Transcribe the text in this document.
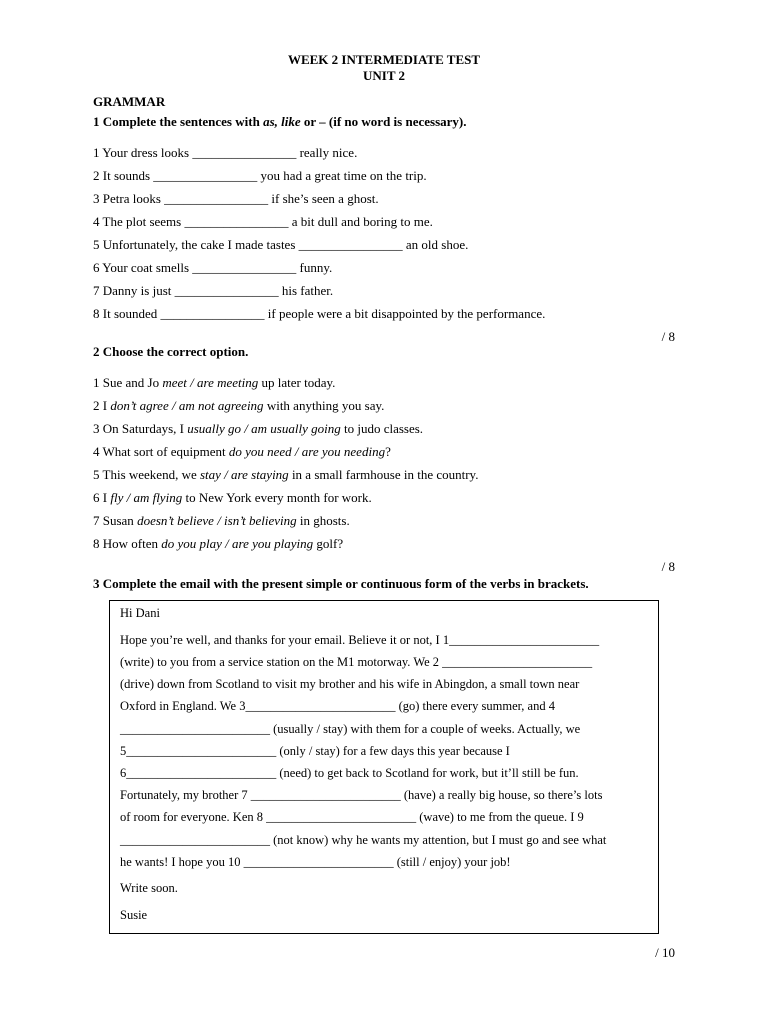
WEEK 2 INTERMEDIATE TEST
UNIT 2
GRAMMAR
1 Complete the sentences with as, like or – (if no word is necessary).
1 Your dress looks ________________ really nice.
2 It sounds ________________ you had a great time on the trip.
3 Petra looks ________________ if she’s seen a ghost.
4 The plot seems ________________ a bit dull and boring to me.
5 Unfortunately, the cake I made tastes ________________ an old shoe.
6 Your coat smells ________________ funny.
7 Danny is just ________________ his father.
8 It sounded ________________ if people were a bit disappointed by the performance.
/ 8
2 Choose the correct option.
1 Sue and Jo meet / are meeting up later today.
2 I don’t agree / am not agreeing with anything you say.
3 On Saturdays, I usually go / am usually going to judo classes.
4 What sort of equipment do you need / are you needing?
5 This weekend, we stay / are staying in a small farmhouse in the country.
6 I fly / am flying to New York every month for work.
7 Susan doesn’t believe / isn’t believing in ghosts.
8 How often do you play / are you playing golf?
/ 8
3 Complete the email with the present simple or continuous form of the verbs in brackets.
Hi Dani
Hope you’re well, and thanks for your email. Believe it or not, I 1________________________
(write) to you from a service station on the M1 motorway. We 2 ________________________
(drive) down from Scotland to visit my brother and his wife in Abingdon, a small town near
Oxford in England. We 3________________________ (go) there every summer, and 4
________________________ (usually / stay) with them for a couple of weeks. Actually, we
5________________________ (only / stay) for a few days this year because I
6________________________ (need) to get back to Scotland for work, but it’ll still be fun.
Fortunately, my brother 7 ________________________ (have) a really big house, so there’s lots
of room for everyone. Ken 8 ________________________ (wave) to me from the queue. I 9
________________________ (not know) why he wants my attention, but I must go and see what
he wants! I hope you 10 ________________________ (still / enjoy) your job!
Write soon.
Susie
/ 10
